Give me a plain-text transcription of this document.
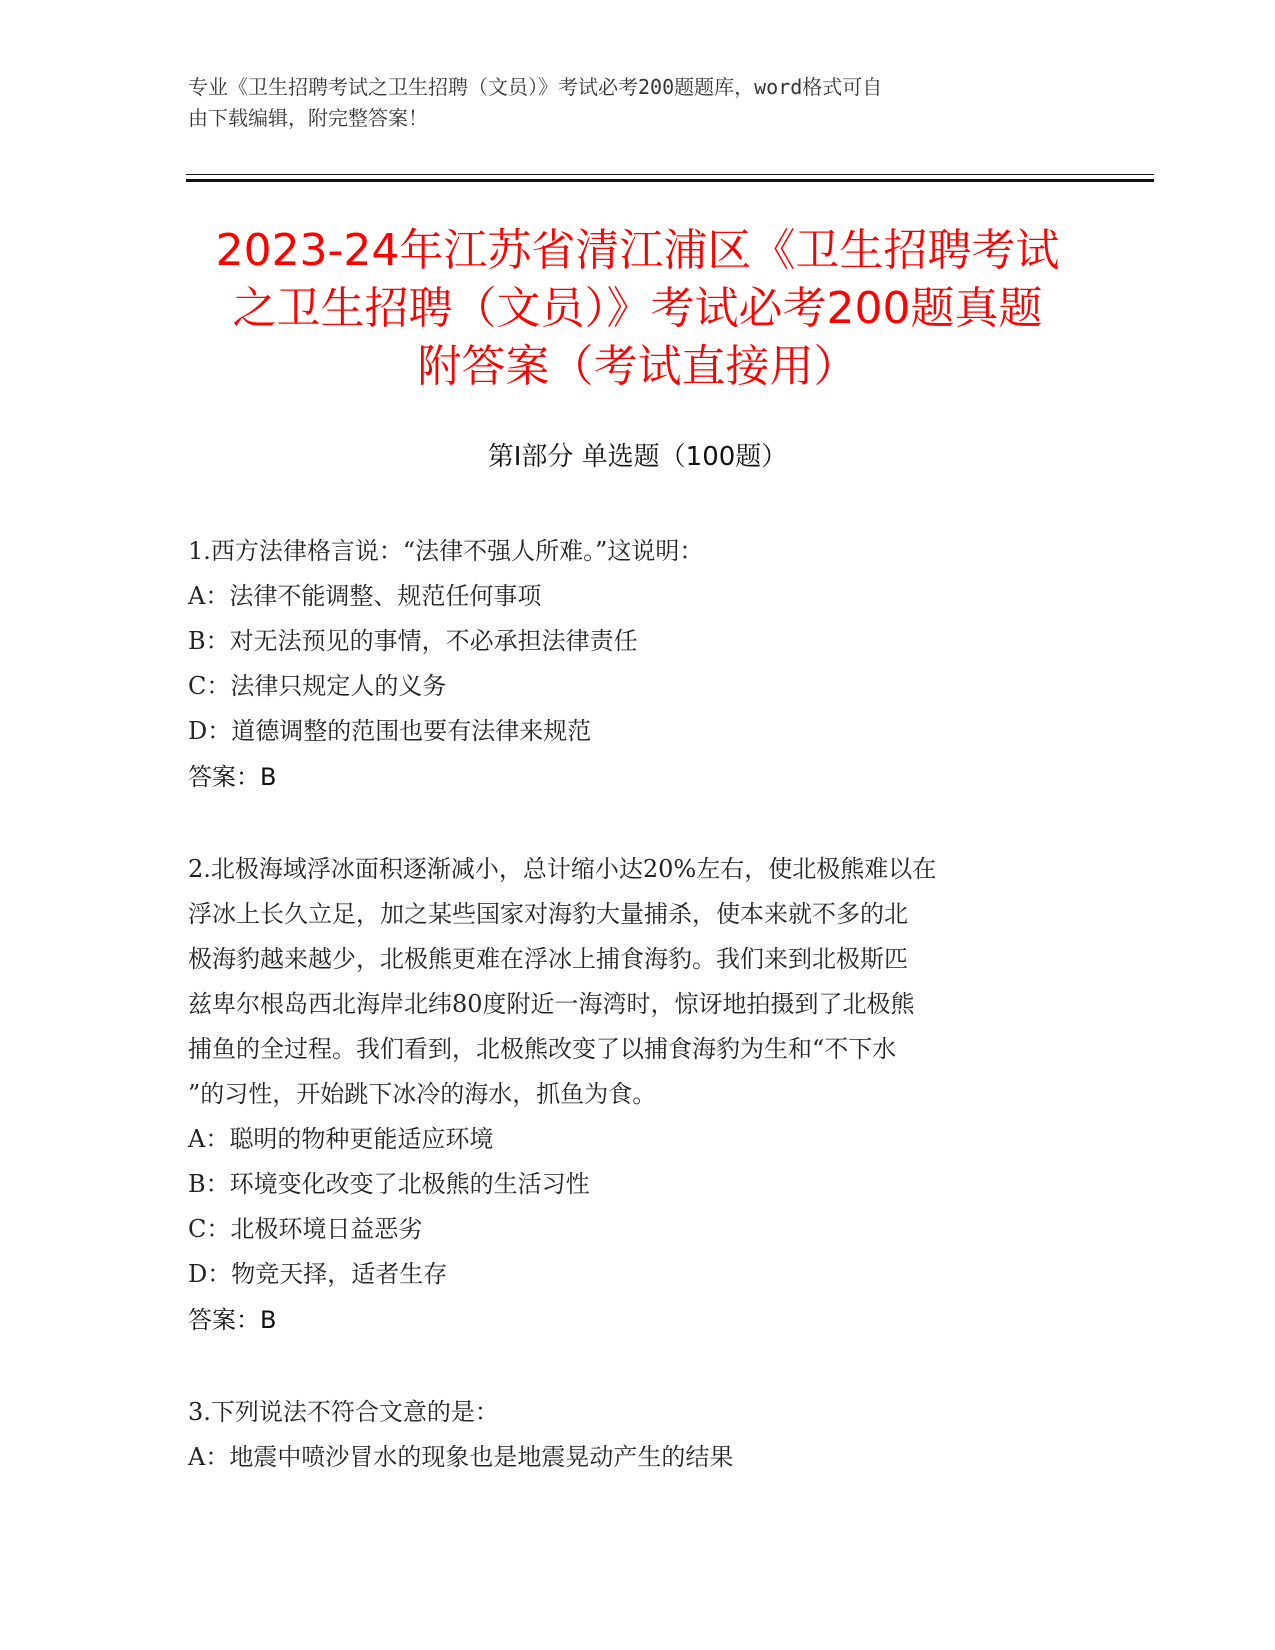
专业《卫生招聘考试之卫生招聘（文员）》考试必考200题题库，word格式可自
由下载编辑，附完整答案！
2023-24年江苏省清江浦区《卫生招聘考试
之卫生招聘（文员）》考试必考200题真题
附答案（考试直接用）
第I部分 单选题（100题）
1.西方法律格言说：“法律不强人所难。”这说明：
A：法律不能调整、规范任何事项
B：对无法预见的事情，不必承担法律责任
C：法律只规定人的义务
D：道德调整的范围也要有法律来规范
答案：B
2.北极海域浮冰面积逐渐减小，总计缩小达20%左右，使北极熊难以在
浮冰上长久立足，加之某些国家对海豹大量捕杀，使本来就不多的北
极海豹越来越少，北极熊更难在浮冰上捕食海豹。我们来到北极斯匹
兹卑尔根岛西北海岸北纬80度附近一海湾时，惊讶地拍摄到了北极熊
捕鱼的全过程。我们看到，北极熊改变了以捕食海豹为生和“不下水
”的习性，开始跳下冰冷的海水，抓鱼为食。
A：聪明的物种更能适应环境
B：环境变化改变了北极熊的生活习性
C：北极环境日益恶劣
D：物竞天择，适者生存
答案：B
3.下列说法不符合文意的是：
A：地震中喷沙冒水的现象也是地震晃动产生的结果
